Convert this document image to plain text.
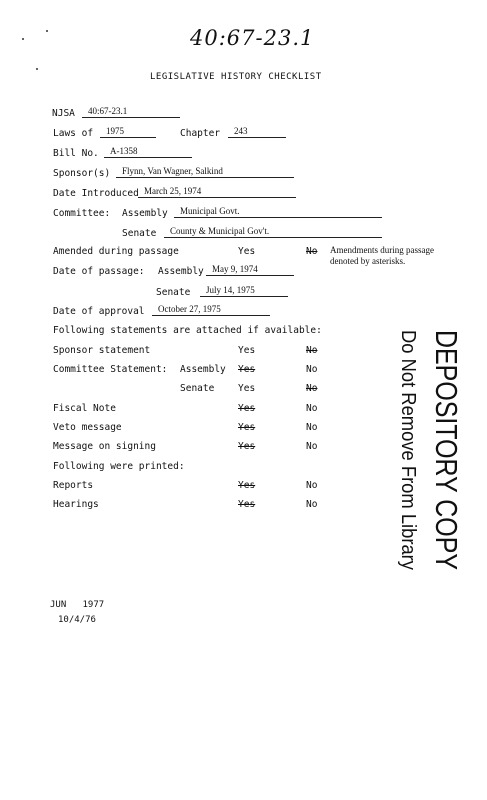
40:67-23.1
LEGISLATIVE HISTORY CHECKLIST
NJSA	40:67-23.1
Laws of	1975	Chapter	243
Bill No.	A-1358
Sponsor(s)	Flynn, Van Wagner, Salkind
Date Introduced March 25, 1974
Committee: Assembly	Municipal Govt.
Senate	County & Municipal Gov't.
Amended during passage	Yes	No Amendments during passage
denoted by asterisks.
Date of passage: Assembly May 9, 1974
Senate	July 14, 1975
Date of approval	October 27, 1975
Following statements are attached if available:
Sponsor statement	Yes	No
Committee Statement: Assembly Yes	No
Senate Yes	No
Fiscal Note	Yes	No
Veto message	Yes	No
Message on signing	Yes	No
Following were printed:
Reports	Yes	No
Hearings	Yes	No	DEPOSITORY COPY
Do Not Remove From Library
JUN   1977
10/4/76
